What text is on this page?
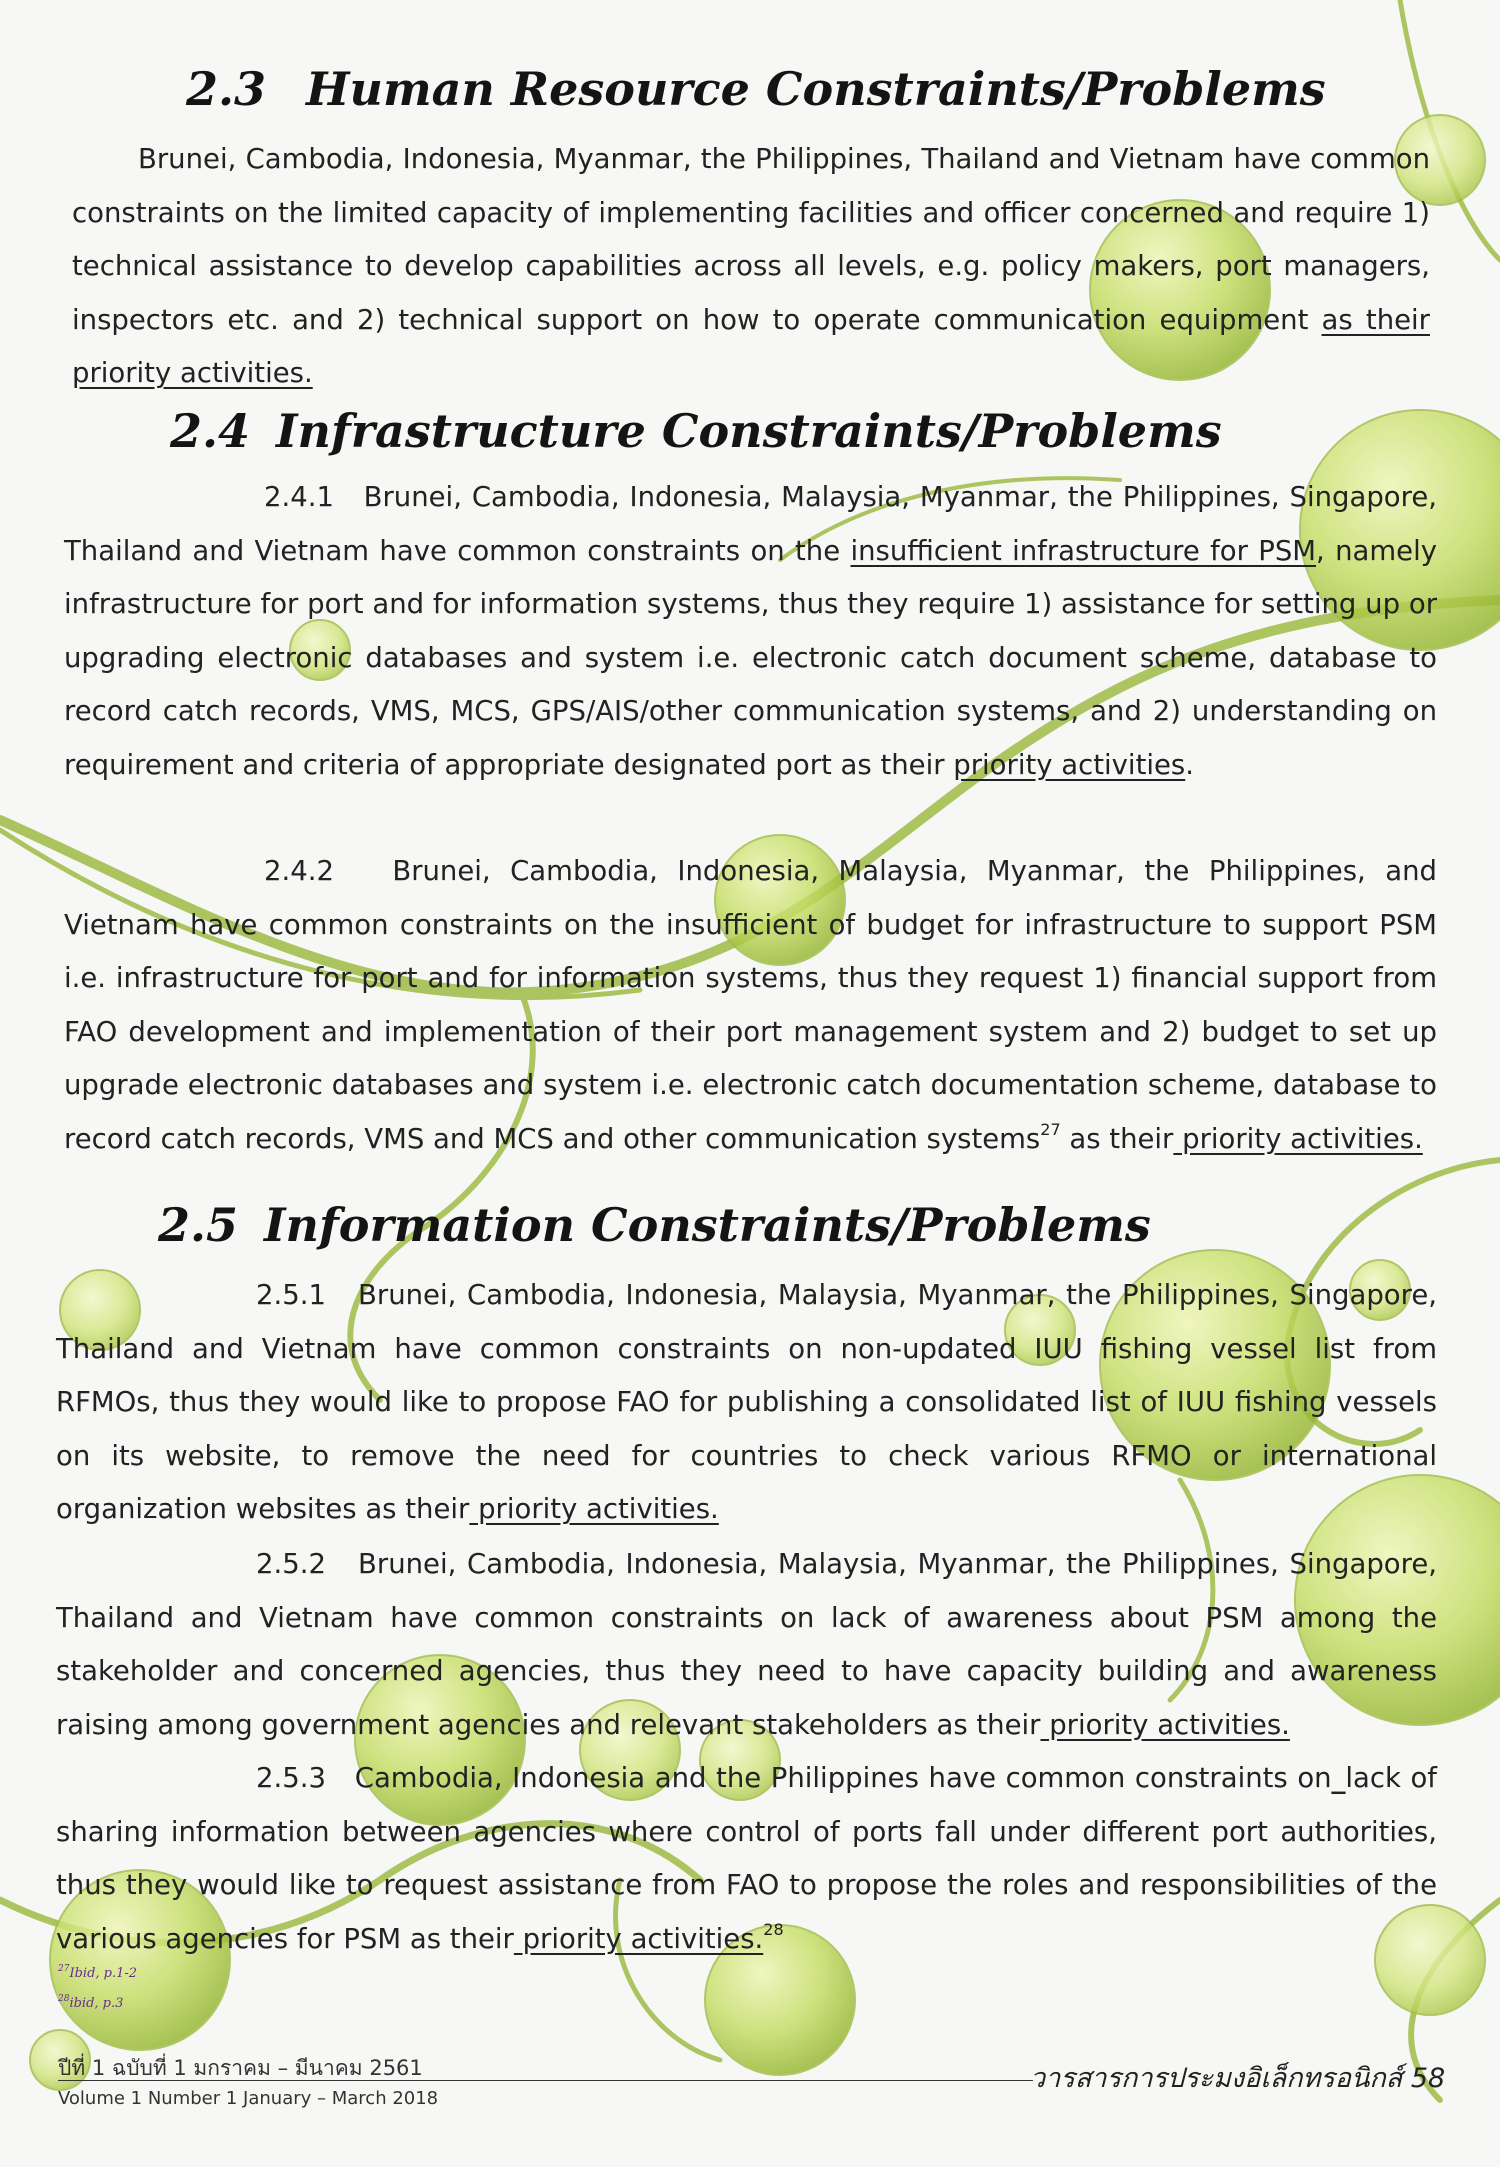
2.3 Human Resource Constraints/Problems

Brunei, Cambodia, Indonesia, Myanmar, the Philippines, Thailand and Vietnam have common constraints on the limited capacity of implementing facilities and officer concerned and require 1) technical assistance to develop capabilities across all levels, e.g. policy makers, port managers, inspectors etc. and 2) technical support on how to operate communication equipment as their priority activities.

2.4 Infrastructure Constraints/Problems

2.4.1 Brunei, Cambodia, Indonesia, Malaysia, Myanmar, the Philippines, Singapore, Thailand and Vietnam have common constraints on the insufficient infrastructure for PSM, namely infrastructure for port and for information systems, thus they require 1) assistance for setting up or upgrading electronic databases and system i.e. electronic catch document scheme, database to record catch records, VMS, MCS, GPS/AIS/other communication systems, and 2) understanding on requirement and criteria of appropriate designated port as their priority activities.

2.4.2 Brunei, Cambodia, Indonesia, Malaysia, Myanmar, the Philippines, and Vietnam have common constraints on the insufficient of budget for infrastructure to support PSM i.e. infrastructure for port and for information systems, thus they request 1) financial support from FAO development and implementation of their port management system and 2) budget to set up upgrade electronic databases and system i.e. electronic catch documentation scheme, database to record catch records, VMS and MCS and other communication systems$^{27}$ as their priority activities.

2.5 Information Constraints/Problems

2.5.1 Brunei, Cambodia, Indonesia, Malaysia, Myanmar, the Philippines, Singapore, Thailand and Vietnam have common constraints on non-updated IUU fishing vessel list from RFMOs, thus they would like to propose FAO for publishing a consolidated list of IUU fishing vessels on its website, to remove the need for countries to check various RFMO or international organization websites as their priority activities.

2.5.2 Brunei, Cambodia, Indonesia, Malaysia, Myanmar, the Philippines, Singapore, Thailand and Vietnam have common constraints on lack of awareness about PSM among the stakeholder and concerned agencies, thus they need to have capacity building and awareness raising among government agencies and relevant stakeholders as their priority activities.

2.5.3 Cambodia, Indonesia and the Philippines have common constraints on_lack of sharing information between agencies where control of ports fall under different port authorities, thus they would like to request assistance from FAO to propose the roles and responsibilities of the various agencies for PSM as their priority activities.$^{28}$

$^{27}$Ibid, p.1-2
$^{28}$ibid, p.3
ปีที่ 1 ฉบับที่ 1 มกราคม – มีนาคม 2561
Volume 1 Number 1 January – March 2018
วารสารการประมงอิเล็กทรอนิกส์ 58
